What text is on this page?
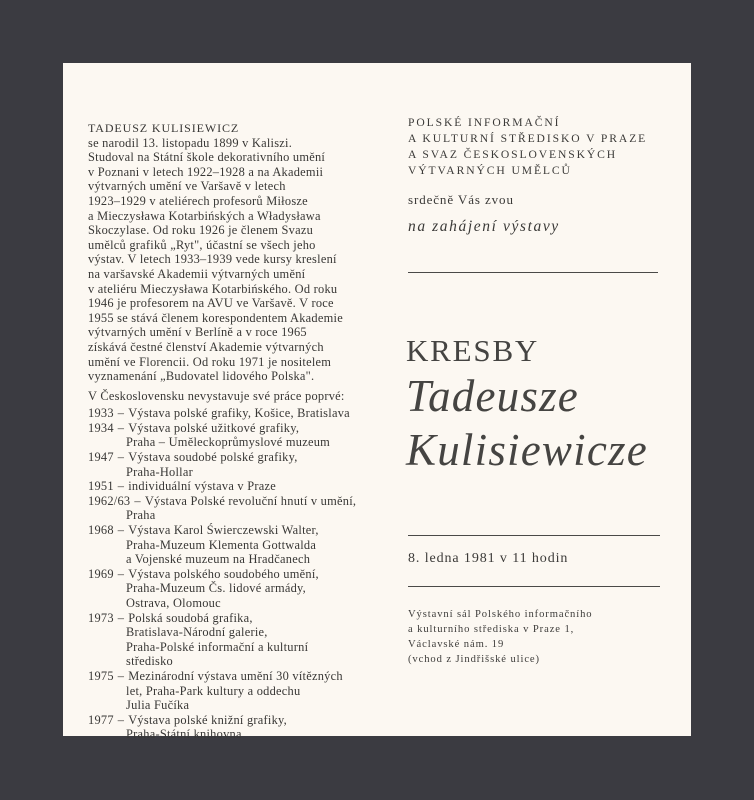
TADEUSZ KULISIEWICZ
se narodil 13. listopadu 1899 v Kaliszi.
Studoval na Státní škole dekorativního umění
v Poznani v letech 1922–1928 a na Akademii
výtvarných umění ve Varšavě v letech
1923–1929 v ateliérech profesorů Miłosze
a Mieczysława Kotarbińských a Władysława
Skoczylase. Od roku 1926 je členem Svazu
umělců grafiků „Ryt", účastní se všech jeho
výstav. V letech 1933–1939 vede kursy kreslení
na varšavské Akademii výtvarných umění
v ateliéru Mieczysława Kotarbińského. Od roku
1946 je profesorem na AVU ve Varšavě. V roce
1955 se stává členem korespondentem Akademie
výtvarných umění v Berlíně a v roce 1965
získává čestné členství Akademie výtvarných
umění ve Florencii. Od roku 1971 je nositelem
vyznamenání „Budovatel lidového Polska".
V Československu nevystavuje své práce poprvé:
1933 – Výstava polské grafiky, Košice, Bratislava
1934 – Výstava polské užitkové grafiky,
Praha – Uměleckoprůmyslové muzeum
1947 – Výstava soudobé polské grafiky,
Praha-Hollar
1951 – individuální výstava v Praze
1962/63 – Výstava Polské revoluční hnutí v umění,
Praha
1968 – Výstava Karol Świerczewski Walter,
Praha-Muzeum Klementa Gottwalda
a Vojenské muzeum na Hradčanech
1969 – Výstava polského soudobého umění,
Praha-Muzeum Čs. lidové armády,
Ostrava, Olomouc
1973 – Polská soudobá grafika,
Bratislava-Národní galerie,
Praha-Polské informační a kulturní
středisko
1975 – Mezinárodní výstava umění 30 vítězných
let, Praha-Park kultury a oddechu
Julia Fučíka
1977 – Výstava polské knižní grafiky,
Praha-Státní knihovna
POLSKÉ INFORMAČNÍ
A KULTURNÍ STŘEDISKO V PRAZE
A SVAZ ČESKOSLOVENSKÝCH
VÝTVARNÝCH UMĚLCŮ
srdečně Vás zvou
na zahájení výstavy
KRESBY
Tadeusze
Kulisiewicze
8. ledna 1981 v 11 hodin
Výstavní sál Polského informačního
a kulturního střediska v Praze 1,
Václavské nám. 19
(vchod z Jindřišské ulice)
